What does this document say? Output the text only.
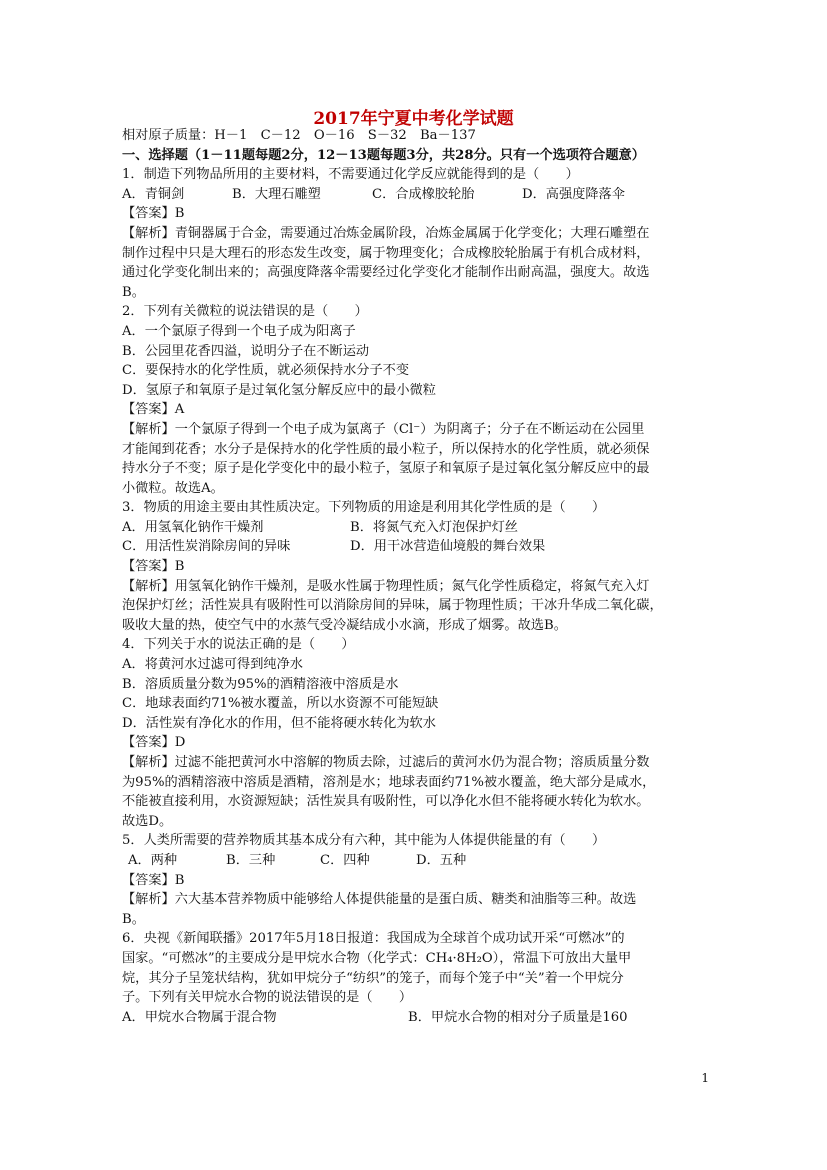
2017年宁夏中考化学试题
相对原子质量：H－1　C－12　O－16　S－32　Ba－137
一、选择题（1－11题每题2分，12－13题每题3分，共28分。只有一个选项符合题意）
1．制造下列物品所用的主要材料，不需要通过化学反应就能得到的是（　　）
A．青铜剑	B．大理石雕塑	C．合成橡胶轮胎	D．高强度降落伞
【答案】B
【解析】青铜器属于合金，需要通过冶炼金属阶段，冶炼金属属于化学变化；大理石雕塑在
制作过程中只是大理石的形态发生改变，属于物理变化；合成橡胶轮胎属于有机合成材料，
通过化学变化制出来的；高强度降落伞需要经过化学变化才能制作出耐高温，强度大。故选
B。
2．下列有关微粒的说法错误的是（　　）
A．一个氯原子得到一个电子成为阳离子
B．公园里花香四溢，说明分子在不断运动
C．要保持水的化学性质，就必须保持水分子不变
D．氢原子和氧原子是过氧化氢分解反应中的最小微粒
【答案】A
【解析】一个氯原子得到一个电子成为氯离子（Cl⁻）为阴离子；分子在不断运动在公园里
才能闻到花香；水分子是保持水的化学性质的最小粒子，所以保持水的化学性质，就必须保
持水分子不变；原子是化学变化中的最小粒子，氢原子和氧原子是过氧化氢分解反应中的最
小微粒。故选A。
3．物质的用途主要由其性质决定。下列物质的用途是利用其化学性质的是（　　）
A．用氢氧化钠作干燥剂	B．将氮气充入灯泡保护灯丝
C．用活性炭消除房间的异味	D．用干冰营造仙境般的舞台效果
【答案】B
【解析】用氢氧化钠作干燥剂，是吸水性属于物理性质；氮气化学性质稳定，将氮气充入灯
泡保护灯丝；活性炭具有吸附性可以消除房间的异味，属于物理性质；干冰升华成二氧化碳，
吸收大量的热，使空气中的水蒸气受冷凝结成小水滴，形成了烟雾。故选B。
4．下列关于水的说法正确的是（　　）
A．将黄河水过滤可得到纯净水
B．溶质质量分数为95%的酒精溶液中溶质是水
C．地球表面约71%被水覆盖，所以水资源不可能短缺
D．活性炭有净化水的作用，但不能将硬水转化为软水
【答案】D
【解析】过滤不能把黄河水中溶解的物质去除，过滤后的黄河水仍为混合物；溶质质量分数
为95%的酒精溶液中溶质是酒精，溶剂是水；地球表面约71%被水覆盖，绝大部分是咸水，
不能被直接利用，水资源短缺；活性炭具有吸附性，可以净化水但不能将硬水转化为软水。
故选D。
5．人类所需要的营养物质其基本成分有六种，其中能为人体提供能量的有（　　）
A．两种	B．三种	C．四种	D．五种
【答案】B
【解析】六大基本营养物质中能够给人体提供能量的是蛋白质、糖类和油脂等三种。故选
B。
6．央视《新闻联播》2017年5月18日报道：我国成为全球首个成功试开采“可燃冰”的
国家。“可燃冰”的主要成分是甲烷水合物（化学式：CH₄·8H₂O），常温下可放出大量甲
烷，其分子呈笼状结构，犹如甲烷分子“纺织”的笼子，而每个笼子中“关”着一个甲烷分
子。下列有关甲烷水合物的说法错误的是（　　）
A．甲烷水合物属于混合物	B．甲烷水合物的相对分子质量是160
1
